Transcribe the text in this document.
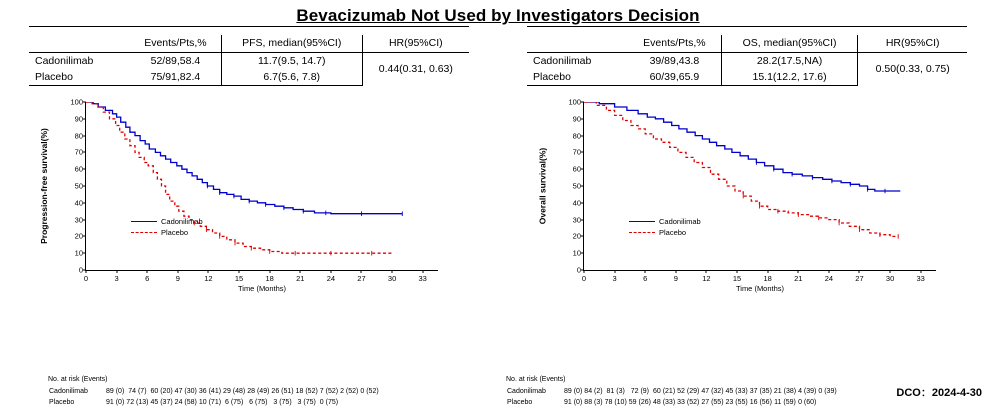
Bevacizumab Not Used by Investigators Decision
	Events/Pts,%	PFS, median(95%CI)	HR(95%CI)
Cadonilimab	52/89,58.4	11.7(9.5, 14.7)	0.44(0.31, 0.63)
Placebo	75/91,82.4	6.7(5.6, 7.8)	
Progression-free survival(%)
Time (Months)
0
10
20
30
40
50
60
70
80
90
100
0	3	6	9	12	15	18	21	24	27	30	33
Cadonilimab
Placebo
No. at risk (Events)
Cadonilimab	89 (0)	74 (7)	60 (20)	47 (30)	36 (41)	29 (48)	28 (49)	26 (51)	18 (52)	7 (52)	2 (52)	0 (52)
Placebo	91 (0)	72 (13)	45 (37)	24 (58)	10 (71)	6 (75)	6 (75)	3 (75)	3 (75)	0 (75)		
	Events/Pts,%	OS, median(95%CI)	HR(95%CI)
Cadonilimab	39/89,43.8	28.2(17.5,NA)	0.50(0.33, 0.75)
Placebo	60/39,65.9	15.1(12.2, 17.6)	
Overall survival(%)
Time (Months)
0
10
20
30
40
50
60
70
80
90
100
0	3	6	9	12	15	18	21	24	27	30	33
Cadonilimab
Placebo
No. at risk (Events)
Cadonilimab	89 (0)	84 (2)	81 (3)	72 (9)	60 (21)	52 (29)	47 (32)	45 (33)	37 (35)	21 (38)	4 (39)	0 (39)
Placebo	91 (0)	88 (3)	78 (10)	59 (26)	48 (33)	33 (52)	27 (55)	23 (55)	16 (56)	11 (59)	0 (60)	
DCO：2024-4-30
